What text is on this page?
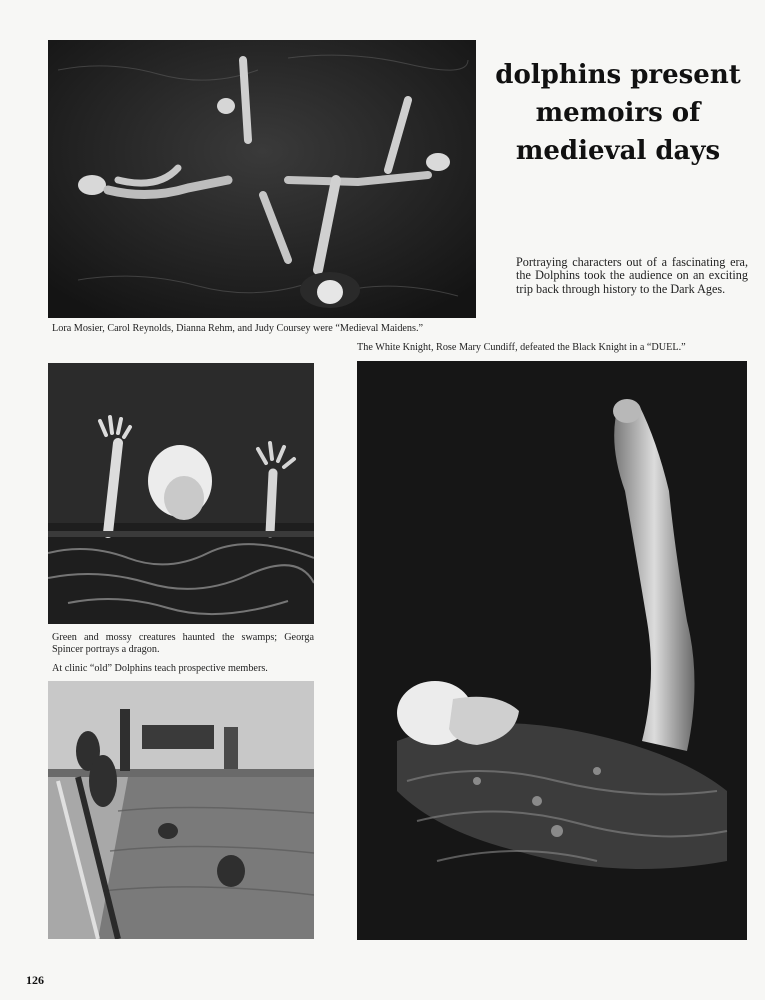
dolphins present
memoirs of
medieval days
Portraying characters out of a fascinating era, the Dolphins took the audience on an exciting trip back through history to the Dark Ages.
Lora Mosier, Carol Reynolds, Dianna Rehm, and Judy Coursey were “Medieval Maidens.”
The White Knight, Rose Mary Cundiff, defeated the Black Knight in a “DUEL.”
Green and mossy creatures haunted the swamps; Georga Spincer portrays a dragon.
At clinic “old” Dolphins teach prospective members.
126
